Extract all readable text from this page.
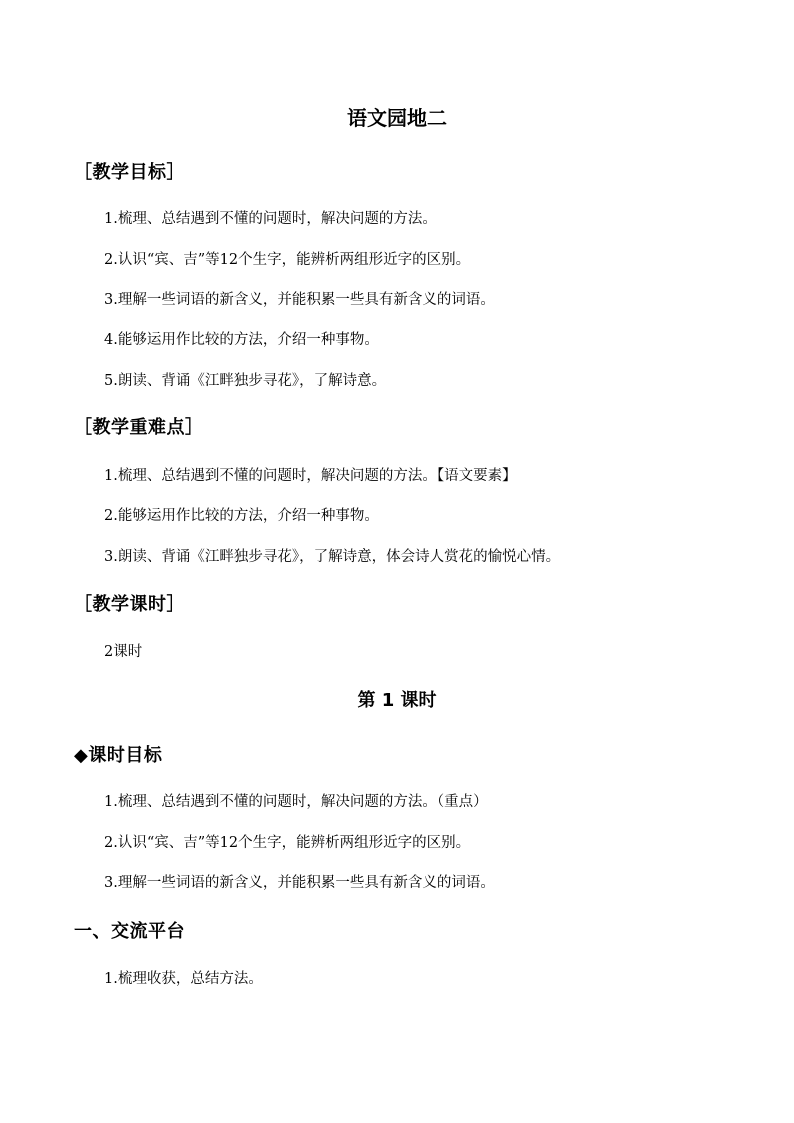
语文园地二
［教学目标］
1.梳理、总结遇到不懂的问题时，解决问题的方法。
2.认识“宾、吉”等12个生字，能辨析两组形近字的区别。
3.理解一些词语的新含义，并能积累一些具有新含义的词语。
4.能够运用作比较的方法，介绍一种事物。
5.朗读、背诵《江畔独步寻花》，了解诗意。
［教学重难点］
1.梳理、总结遇到不懂的问题时，解决问题的方法。【语文要素】
2.能够运用作比较的方法，介绍一种事物。
3.朗读、背诵《江畔独步寻花》，了解诗意，体会诗人赏花的愉悦心情。
［教学课时］
2课时
第 1 课时
◆课时目标
1.梳理、总结遇到不懂的问题时，解决问题的方法。（重点）
2.认识“宾、吉”等12个生字，能辨析两组形近字的区别。
3.理解一些词语的新含义，并能积累一些具有新含义的词语。
一、交流平台
1.梳理收获，总结方法。
